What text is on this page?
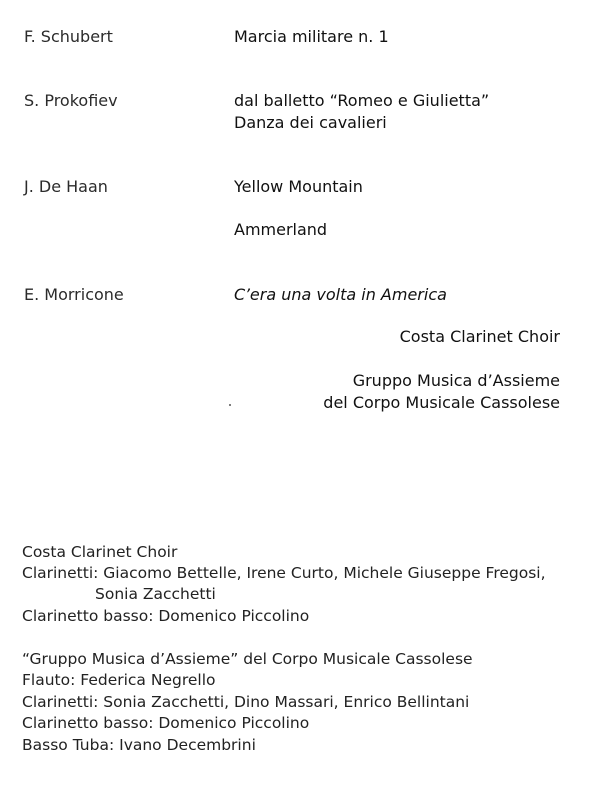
F. Schubert	Marcia militare n. 1
S. Prokofiev	dal balletto “Romeo e Giulietta”
Danza dei cavalieri
J. De Haan	Yellow Mountain
Ammerland
E. Morricone	C’era una volta in America
Costa Clarinet Choir
Gruppo Musica d’Assieme
del Corpo Musicale Cassolese
Costa Clarinet Choir
Clarinetti: Giacomo Bettelle, Irene Curto, Michele Giuseppe Fregosi,
Sonia Zacchetti
Clarinetto basso: Domenico Piccolino
“Gruppo Musica d’Assieme” del Corpo Musicale Cassolese
Flauto: Federica Negrello
Clarinetti: Sonia Zacchetti, Dino Massari, Enrico Bellintani
Clarinetto basso: Domenico Piccolino
Basso Tuba: Ivano Decembrini
